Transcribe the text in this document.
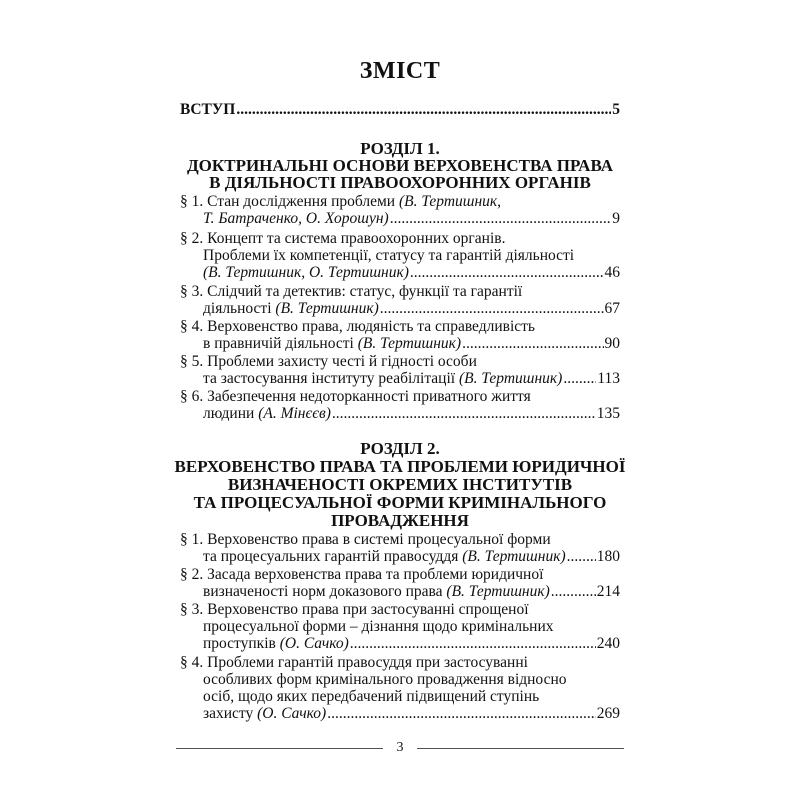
ЗМІСТ
ВСТУП .....	5
РОЗДІЛ 1.
ДОКТРИНАЛЬНІ ОСНОВИ ВЕРХОВЕНСТВА ПРАВА
В ДІЯЛЬНОСТІ ПРАВООХОРОННИХ ОРГАНІВ
§ 1. Стан дослідження проблеми (В. Тертишник,
Т. Батраченко, О. Хорошун) .....	9
§ 2. Концепт та система правоохоронних органів.
Проблеми їх компетенції, статусу та гарантій діяльності
(В. Тертишник, О. Тертишник) .....	46
§ 3. Слідчий та детектив: статус, функції та гарантії
діяльності (В. Тертишник) .....	67
§ 4. Верховенство права, людяність та справедливість
в правничій діяльності (В. Тертишник) .....	90
§ 5. Проблеми захисту честі й гідності особи
та застосування інституту реабілітації (В. Тертишник) ..... 113
§ 6. Забезпечення недоторканності приватного життя
людини (А. Мінєєв) .....	135
РОЗДІЛ 2.
ВЕРХОВЕНСТВО ПРАВА ТА ПРОБЛЕМИ ЮРИДИЧНОЇ
ВИЗНАЧЕНОСТІ ОКРЕМИХ ІНСТИТУТІВ
ТА ПРОЦЕСУАЛЬНОЇ ФОРМИ КРИМІНАЛЬНОГО
ПРОВАДЖЕННЯ
§ 1. Верховенство права в системі процесуальної форми
та процесуальних гарантій правосуддя (В. Тертишник) ..... 180
§ 2. Засада верховенства права та проблеми юридичної
визначеності норм доказового права (В. Тертишник) .....	214
§ 3. Верховенство права при застосуванні спрощеної
процесуальної форми – дізнання щодо кримінальних
проступків (О. Сачко) .....	240
§ 4. Проблеми гарантій правосуддя при застосуванні
особливих форм кримінального провадження відносно
осіб, щодо яких передбачений підвищений ступінь
захисту (О. Сачко) .....	269
3
